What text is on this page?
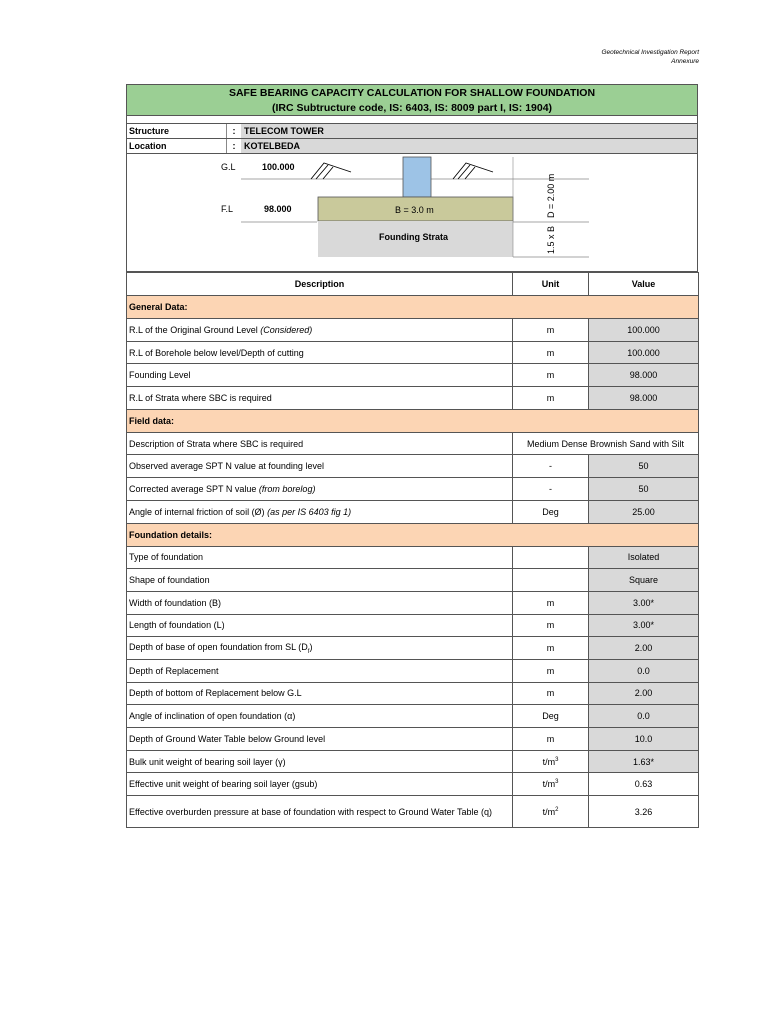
Geotechnical Investigation Report
Annexure
SAFE BEARING CAPACITY CALCULATION FOR SHALLOW FOUNDATION
(IRC Subtructure code, IS: 6403, IS: 8009 part I, IS: 1904)
Structure	: TELECOM TOWER
Location	: KOTELBEDA
G.L	100.000
F.L	98.000	B = 3.0 m
Founding Strata
D = 2.00 m
1.5 x B
Description	Unit	Value
General Data:		
R.L of the Original Ground Level (Considered)	m	100.000
R.L of Borehole below level/Depth of cutting	m	100.000
Founding Level	m	98.000
R.L of Strata where SBC is required	m	98.000
Field data:		
Description of Strata where SBC is required	Medium Dense Brownish Sand with Silt	
Observed average SPT N value at founding level	-	50
Corrected average SPT N value (from borelog)	-	50
Angle of internal friction of soil (Ø) (as per IS 6403 fig 1)	Deg	25.00
Foundation details:		
Type of foundation		Isolated
Shape of foundation		Square
Width of foundation (B)	m	3.00*
Length of foundation (L)	m	3.00*
Depth of base of open foundation from SL $(D_f)$	m	2.00
Depth of Replacement	m	0.0
Depth of bottom of Replacement below G.L	m	2.00
Angle of inclination of open foundation (α)	Deg	0.0
Depth of Ground Water Table below Ground level	m	10.0
Bulk unit weight of bearing soil layer (γ)	$t/m^3$	1.63*
Effective unit weight of bearing soil layer (gsub)	$t/m^3$	0.63
Effective overburden pressure at base of foundation with respect to Ground Water Table (q)	$t/m^2$	3.26
